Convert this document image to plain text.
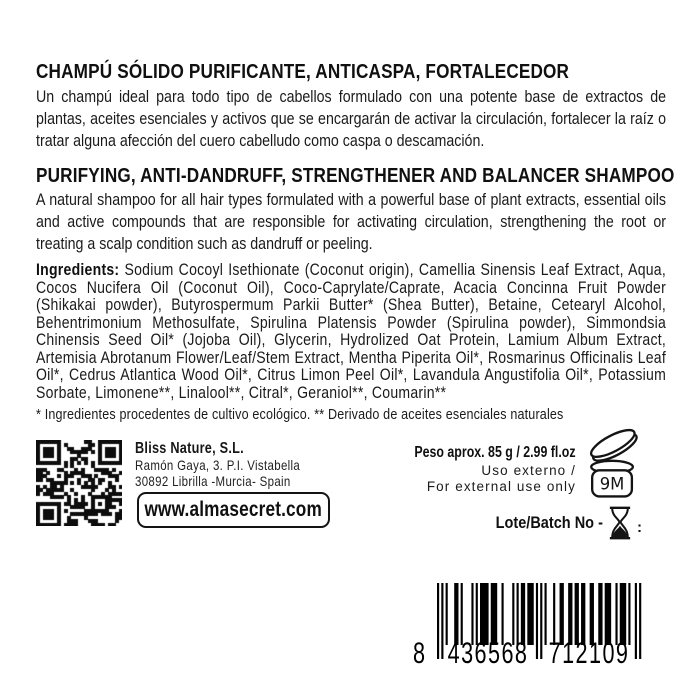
CHAMPÚ SÓLIDO PURIFICANTE, ANTICASPA, FORTALECEDOR

Un champú ideal para todo tipo de cabellos formulado con una potente base de extractos de plantas, aceites esenciales y activos que se encargarán de activar la circulación, fortalecer la raíz o tratar alguna afección del cuero cabelludo como caspa o descamación.

PURIFYING, ANTI-DANDRUFF, STRENGTHENER AND BALANCER SHAMPOO

A natural shampoo for all hair types formulated with a powerful base of plant extracts, essential oils and active compounds that are responsible for activating circulation, strengthening the root or treating a scalp condition such as dandruff or peeling.

Ingredients: Sodium Cocoyl Isethionate (Coconut origin), Camellia Sinensis Leaf Extract, Aqua, Cocos Nucifera Oil (Coconut Oil), Coco-Caprylate/Caprate, Acacia Concinna Fruit Powder (Shikakai powder), Butyrospermum Parkii Butter* (Shea Butter), Betaine, Cetearyl Alcohol, Behentrimonium Methosulfate, Spirulina Platensis Powder (Spirulina powder), Simmondsia Chinensis Seed Oil* (Jojoba Oil), Glycerin, Hydrolized Oat Protein, Lamium Album Extract, Artemisia Abrotanum Flower/Leaf/Stem Extract, Mentha Piperita Oil*, Rosmarinus Officinalis Leaf Oil*, Cedrus Atlantica Wood Oil*, Citrus Limon Peel Oil*, Lavandula Angustifolia Oil*, Potassium Sorbate, Limonene**, Linalool**, Citral*, Geraniol**, Coumarin**

* Ingredientes procedentes de cultivo ecológico. ** Derivado de aceites esenciales naturales

Bliss Nature, S.L.
Ramón Gaya, 3. P.I. Vistabella
30892 Librilla -Murcia- Spain
www.almasecret.com
Peso aprox. 85 g / 2.99 fl.oz
Uso externo /
For external use only 9M
Lote/Batch No - :
8 436568 712109
